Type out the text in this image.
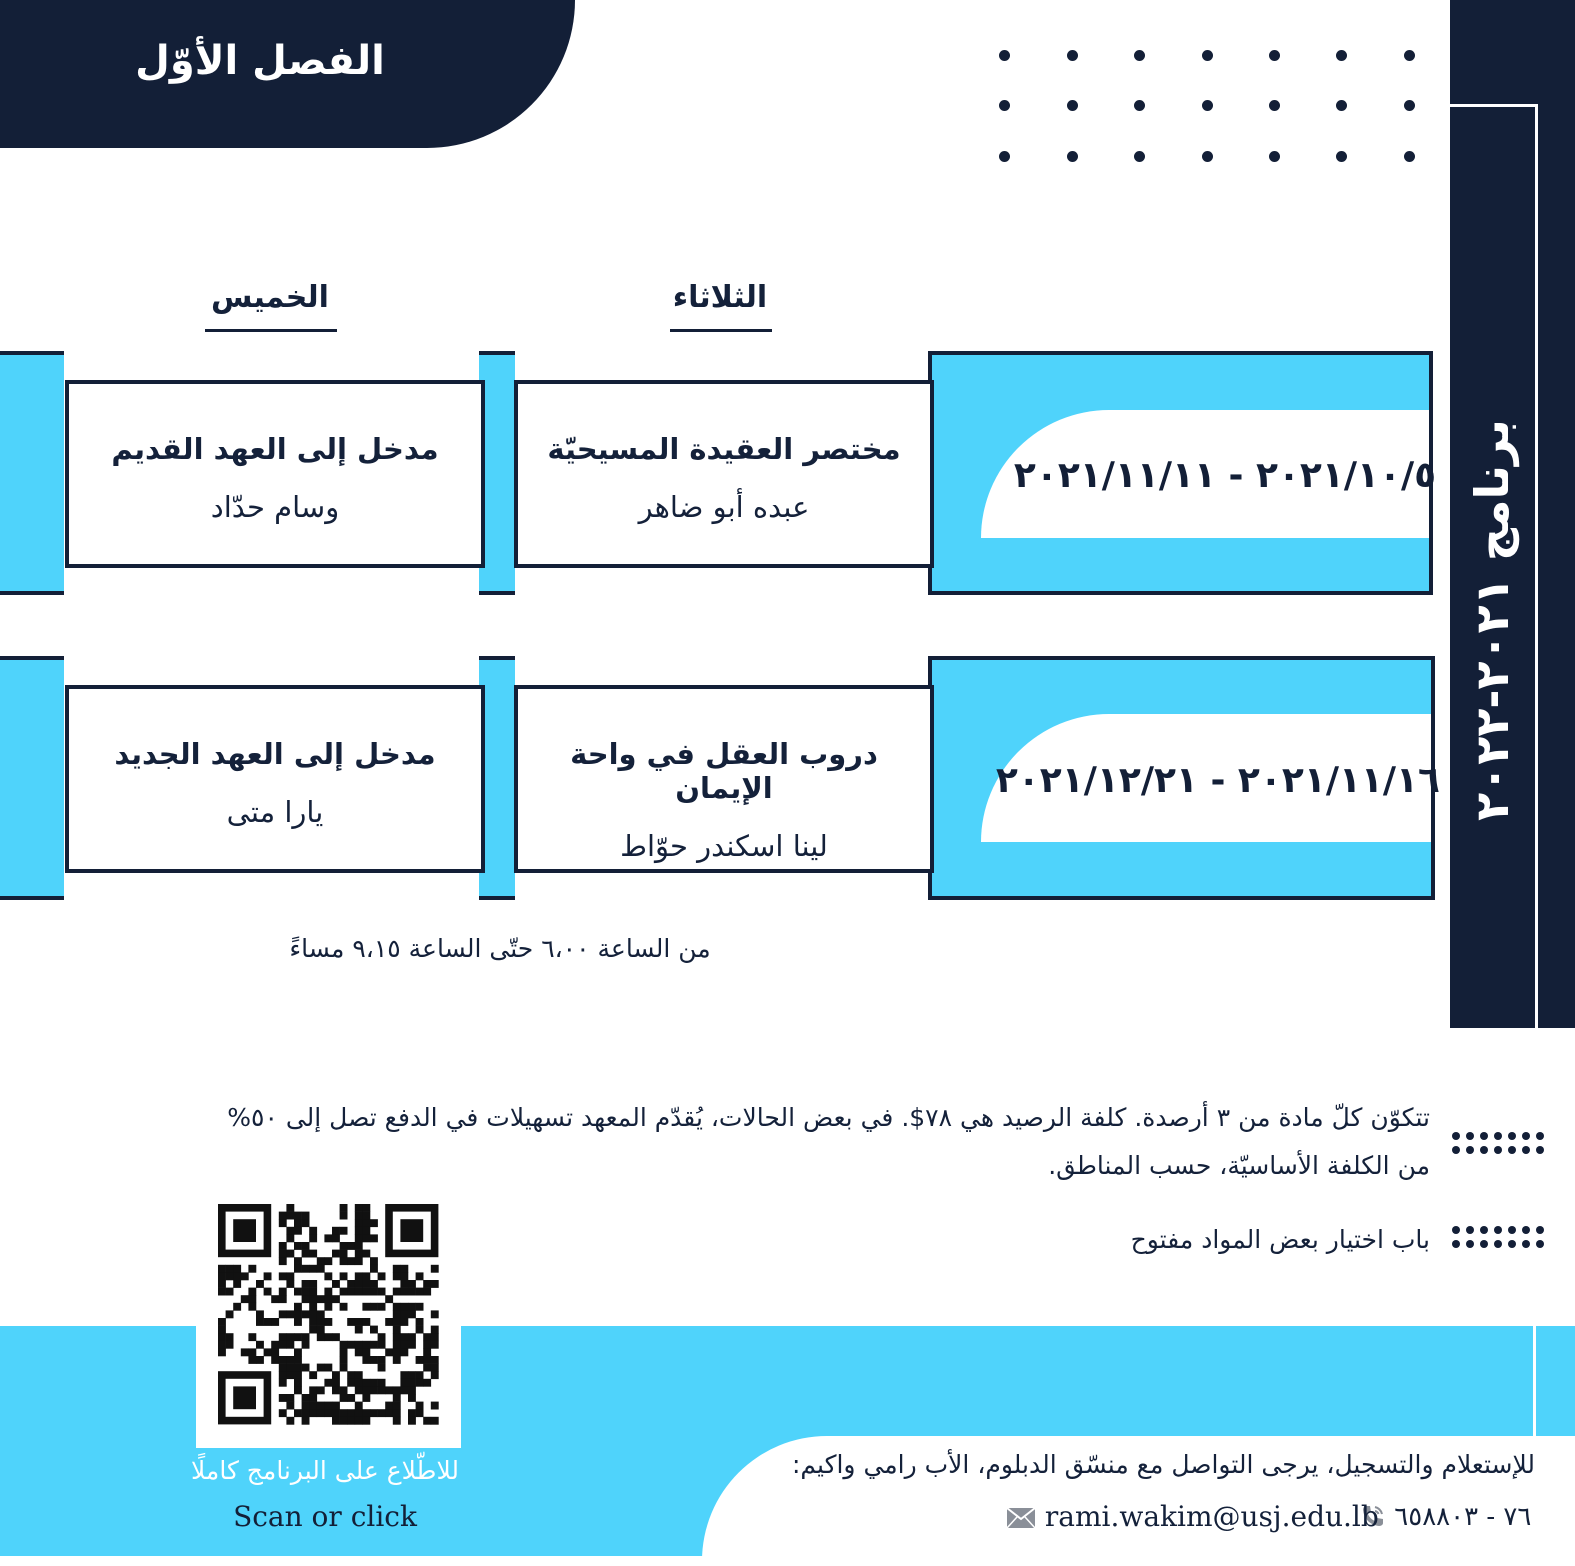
الفصل الأوّل
برنامج ٢٠٢١-٢٠٢٢
الثلاثاء
الخميس
٢٠٢١/١٠/٥ - ٢٠٢١/١١/١١
مختصر العقيدة المسيحيّة
عبده أبو ضاهر
مدخل إلى العهد القديم
وسام حدّاد
٢٠٢١/١١/١٦ - ٢٠٢١/١٢/٢١
دروب العقل في واحة الإيمان
لينا اسكندر حوّاط
مدخل إلى العهد الجديد
يارا متى
من الساعة ٦،٠٠ حتّى الساعة ٩،١٥ مساءً
تتكوّن كلّ مادة من ٣ أرصدة. كلفة الرصيد هي ٧٨$. في بعض الحالات، يُقدّم المعهد تسهيلات في الدفع تصل إلى ٥٠%
من الكلفة الأساسيّة، حسب المناطق.
باب اختيار بعض المواد مفتوح
للاطّلاع على البرنامج كاملًا
Scan or click
للإستعلام والتسجيل، يرجى التواصل مع منسّق الدبلوم، الأب رامي واكيم:
٧٦ - ٦٥٨٨٠٣
rami.wakim@usj.edu.lb
